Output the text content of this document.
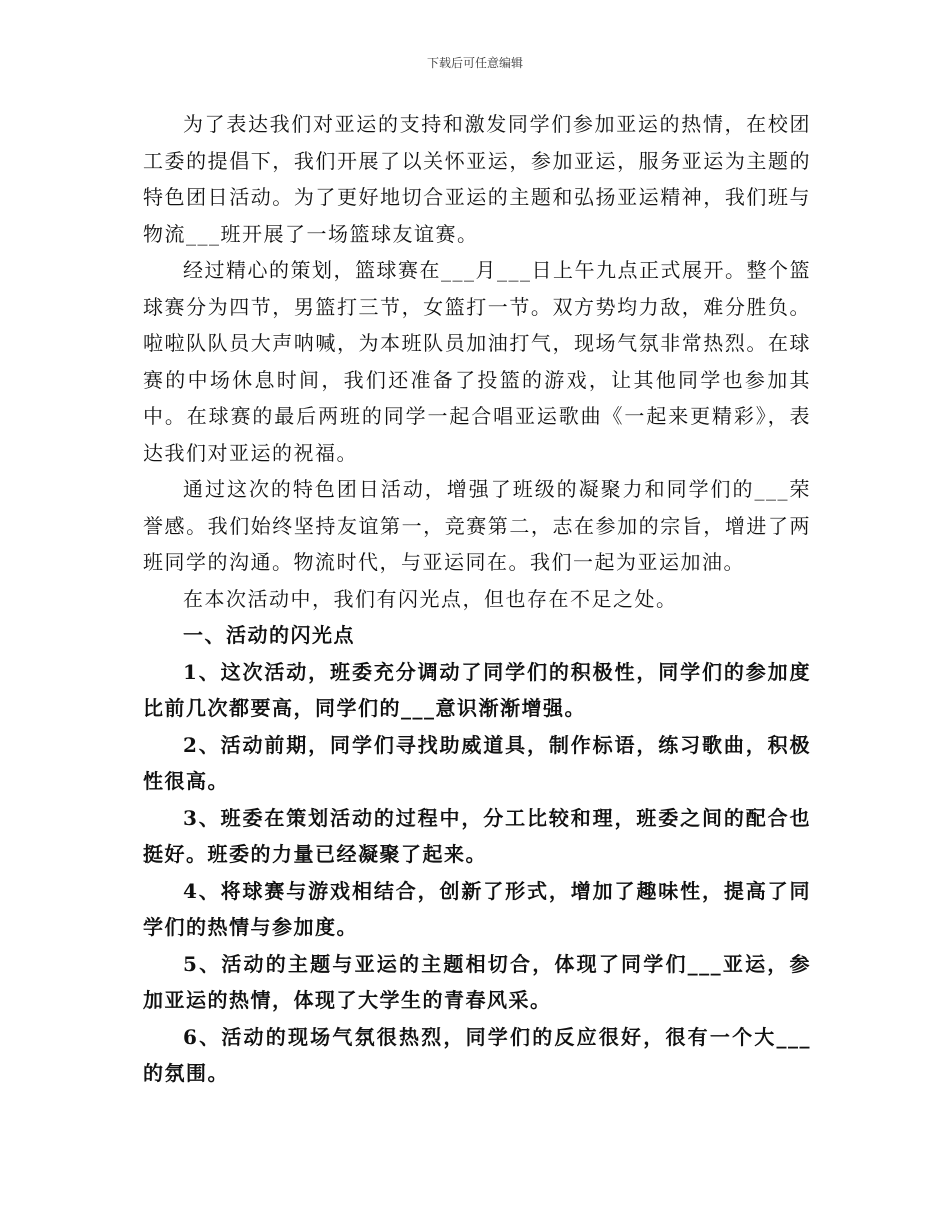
下载后可任意编辑

为了表达我们对亚运的支持和激发同学们参加亚运的热情，在校团工委的提倡下，我们开展了以关怀亚运，参加亚运，服务亚运为主题的特色团日活动。为了更好地切合亚运的主题和弘扬亚运精神，我们班与物流___班开展了一场篮球友谊赛。

经过精心的策划，篮球赛在___月___日上午九点正式展开。整个篮球赛分为四节，男篮打三节，女篮打一节。双方势均力敌，难分胜负。啦啦队队员大声呐喊，为本班队员加油打气，现场气氛非常热烈。在球赛的中场休息时间，我们还准备了投篮的游戏，让其他同学也参加其中。在球赛的最后两班的同学一起合唱亚运歌曲《一起来更精彩》，表达我们对亚运的祝福。

通过这次的特色团日活动，增强了班级的凝聚力和同学们的___荣誉感。我们始终坚持友谊第一，竞赛第二，志在参加的宗旨，增进了两班同学的沟通。物流时代，与亚运同在。我们一起为亚运加油。

在本次活动中，我们有闪光点，但也存在不足之处。

一、活动的闪光点

1、这次活动，班委充分调动了同学们的积极性，同学们的参加度比前几次都要高，同学们的___意识渐渐增强。

2、活动前期，同学们寻找助威道具，制作标语，练习歌曲，积极性很高。

3、班委在策划活动的过程中，分工比较和理，班委之间的配合也挺好。班委的力量已经凝聚了起来。

4、将球赛与游戏相结合，创新了形式，增加了趣味性，提高了同学们的热情与参加度。

5、活动的主题与亚运的主题相切合，体现了同学们___亚运，参加亚运的热情，体现了大学生的青春风采。

6、活动的现场气氛很热烈，同学们的反应很好，很有一个大___的氛围。
